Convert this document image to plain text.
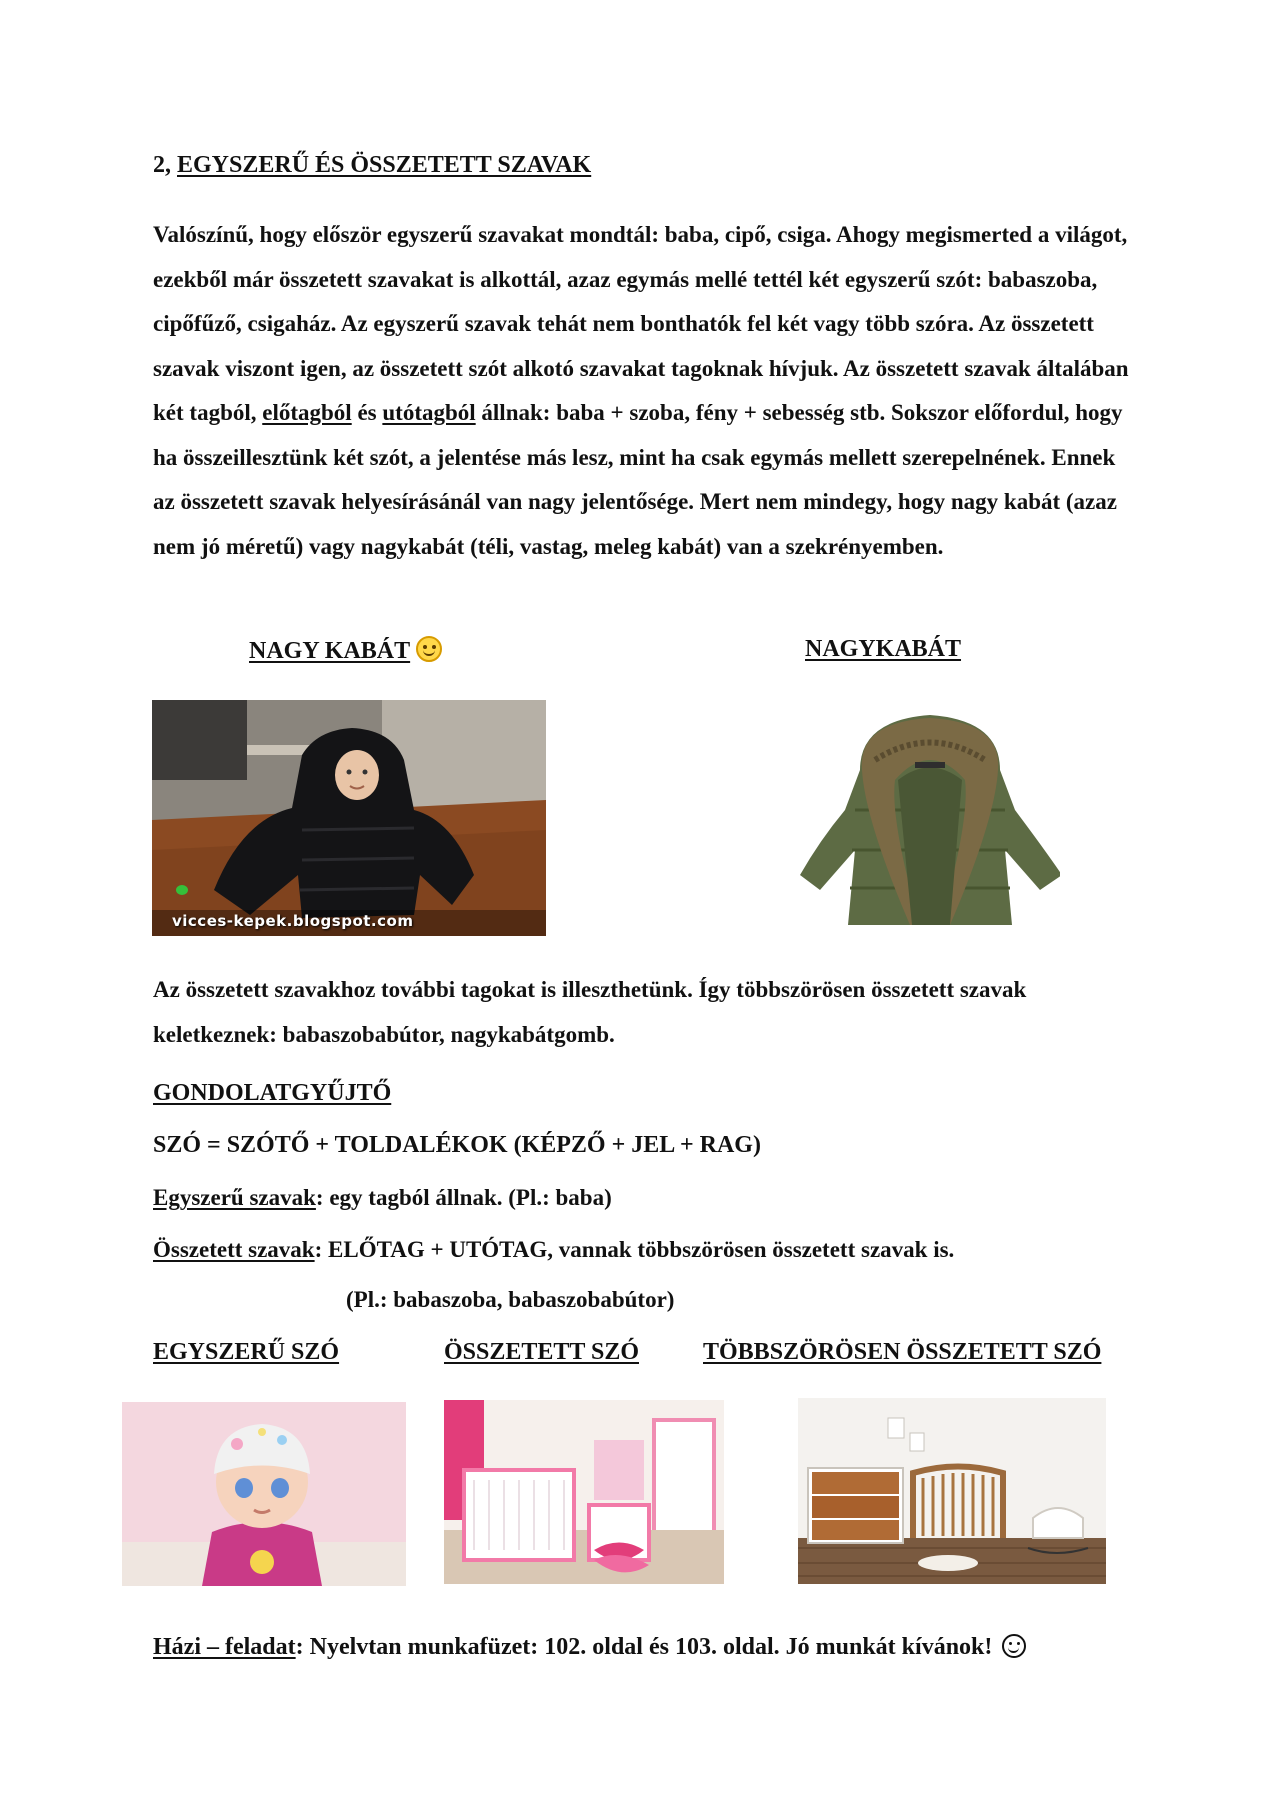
2, EGYSZERŰ ÉS ÖSSZETETT SZAVAK

Valószínű, hogy először egyszerű szavakat mondtál: baba, cipő, csiga. Ahogy megismerted a világot, ezekből már összetett szavakat is alkottál, azaz egymás mellé tettél két egyszerű szót: babaszoba, cipőfűző, csigaház. Az egyszerű szavak tehát nem bonthatók fel két vagy több szóra. Az összetett szavak viszont igen, az összetett szót alkotó szavakat tagoknak hívjuk. Az összetett szavak általában két tagból, előtagból és utótagból állnak: baba + szoba, fény + sebesség stb. Sokszor előfordul, hogy ha összeillesztünk két szót, a jelentése más lesz, mint ha csak egymás mellett szerepelnének. Ennek az összetett szavak helyesírásánál van nagy jelentősége. Mert nem mindegy, hogy nagy kabát (azaz nem jó méretű) vagy nagykabát (téli, vastag, meleg kabát) van a szekrényemben.

NAGY KABÁT	NAGYKABÁT
vicces-kepek.blogspot.com

Az összetett szavakhoz további tagokat is illeszthetünk. Így többszörösen összetett szavak keletkeznek: babaszobabútor, nagykabátgomb.

GONDOLATGYŰJTŐ
SZÓ = SZÓTŐ + TOLDALÉKOK (KÉPZŐ + JEL + RAG)
Egyszerű szavak: egy tagból állnak. (Pl.: baba)
Összetett szavak: ELŐTAG + UTÓTAG, vannak többszörösen összetett szavak is.
(Pl.: babaszoba, babaszobabútor)
EGYSZERŰ SZÓ	ÖSSZETETT SZÓ	TÖBBSZÖRÖSEN ÖSSZETETT SZÓ
Házi – feladat: Nyelvtan munkafüzet: 102. oldal és 103. oldal. Jó munkát kívánok!
